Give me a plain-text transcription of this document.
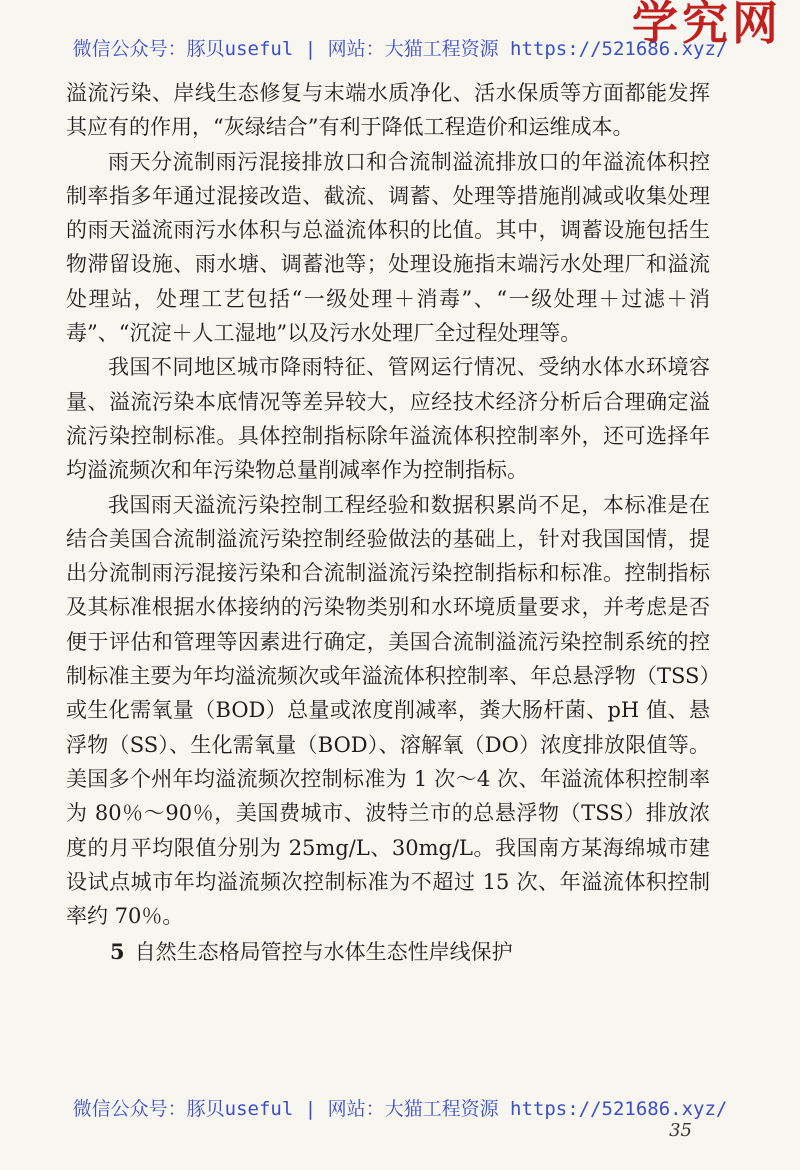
学究网
微信公众号：豚贝useful | 网站：大猫工程资源 https://521686.xyz/

溢流污染、岸线生态修复与末端水质净化、活水保质等方面都能发挥其应有的作用，“灰绿结合”有利于降低工程造价和运维成本。

雨天分流制雨污混接排放口和合流制溢流排放口的年溢流体积控制率指多年通过混接改造、截流、调蓄、处理等措施削减或收集处理的雨天溢流雨污水体积与总溢流体积的比值。其中，调蓄设施包括生物滞留设施、雨水塘、调蓄池等；处理设施指末端污水处理厂和溢流处理站，处理工艺包括“一级处理＋消毒”、“一级处理＋过滤＋消毒”、“沉淀＋人工湿地”以及污水处理厂全过程处理等。

我国不同地区城市降雨特征、管网运行情况、受纳水体水环境容量、溢流污染本底情况等差异较大，应经技术经济分析后合理确定溢流污染控制标准。具体控制指标除年溢流体积控制率外，还可选择年均溢流频次和年污染物总量削减率作为控制指标。

我国雨天溢流污染控制工程经验和数据积累尚不足，本标准是在结合美国合流制溢流污染控制经验做法的基础上，针对我国国情，提出分流制雨污混接污染和合流制溢流污染控制指标和标准。控制指标及其标准根据水体接纳的污染物类别和水环境质量要求，并考虑是否便于评估和管理等因素进行确定，美国合流制溢流污染控制系统的控制标准主要为年均溢流频次或年溢流体积控制率、年总悬浮物（TSS）或生化需氧量（BOD）总量或浓度削减率，粪大肠杆菌、pH 值、悬浮物（SS）、生化需氧量（BOD）、溶解氧（DO）浓度排放限值等。美国多个州年均溢流频次控制标准为 1 次～4 次、年溢流体积控制率为 80％～90％，美国费城市、波特兰市的总悬浮物（TSS）排放浓度的月平均限值分别为 25mg/L、30mg/L。我国南方某海绵城市建设试点城市年均溢流频次控制标准为不超过 15 次、年溢流体积控制率约 70％。

5 自然生态格局管控与水体生态性岸线保护
微信公众号：豚贝useful | 网站：大猫工程资源 https://521686.xyz/
35
